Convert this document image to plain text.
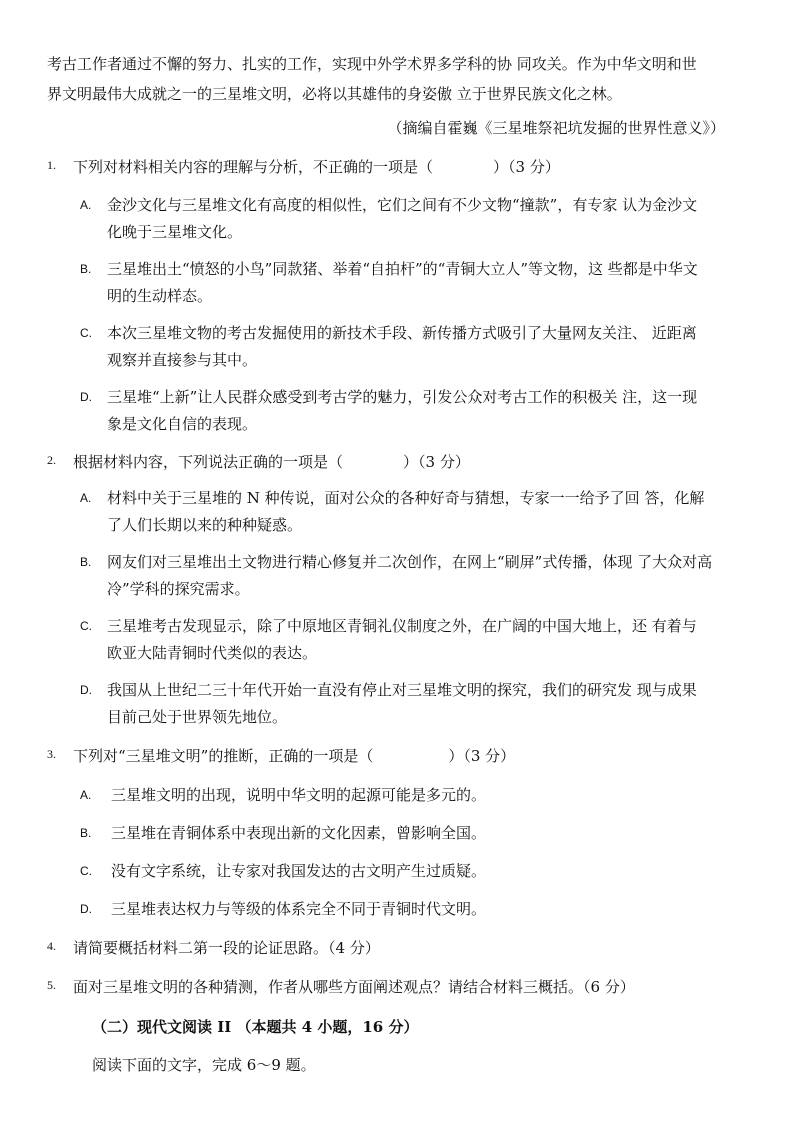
考古工作者通过不懈的努力、扎实的工作，实现中外学术界多学科的协 同攻关。作为中华文明和世
界文明最伟大成就之一的三星堆文明，必将以其雄伟的身姿傲 立于世界民族文化之林。

（摘编自霍巍《三星堆祭祀坑发掘的世界性意义》）
1.	下列对材料相关内容的理解与分析，不正确的一项是（　　　　）（3 分）
A. 金沙文化与三星堆文化有高度的相似性，它们之间有不少文物“撞款”，有专家 认为金沙文
化晚于三星堆文化。
B. 三星堆出土“愤怒的小鸟”同款猪、举着“自拍杆”的“青铜大立人”等文物，这 些都是中华文
明的生动样态。
C. 本次三星堆文物的考古发掘使用的新技术手段、新传播方式吸引了大量网友关注、 近距离
观察并直接参与其中。
D. 三星堆“上新”让人民群众感受到考古学的魅力，引发公众对考古工作的积极关 注，这一现
象是文化自信的表现。
2.	根据材料内容，下列说法正确的一项是（　　　　）（3 分）
A. 材料中关于三星堆的 N 种传说，面对公众的各种好奇与猜想，专家一一给予了回 答，化解
了人们长期以来的种种疑惑。
B. 网友们对三星堆出土文物进行精心修复并二次创作，在网上“刷屏”式传播，体现 了大众对高
冷”学科的探究需求。
C. 三星堆考古发现显示，除了中原地区青铜礼仪制度之外，在广阔的中国大地上，还 有着与
欧亚大陆青铜时代类似的表达。
D. 我国从上世纪二三十年代开始一直没有停止对三星堆文明的探究，我们的研究发 现与成果
目前己处于世界领先地位。
3.	下列对“三星堆文明”的推断，正确的一项是（　　　　　）（3 分）
A. 三星堆文明的出现，说明中华文明的起源可能是多元的。
B. 三星堆在青铜体系中表现出新的文化因素，曾影响全国。
C. 没有文字系统，让专家对我国发达的古文明产生过质疑。
D. 三星堆表达权力与等级的体系完全不同于青铜时代文明。
4.	请简要概括材料二第一段的论证思路。（4 分）
5.	面对三星堆文明的各种猜测，作者从哪些方面阐述观点？请结合材料三概括。（6 分）
（二）现代文阅读 II （本题共 4 小题，16 分）
阅读下面的文字，完成 6～9 题。
